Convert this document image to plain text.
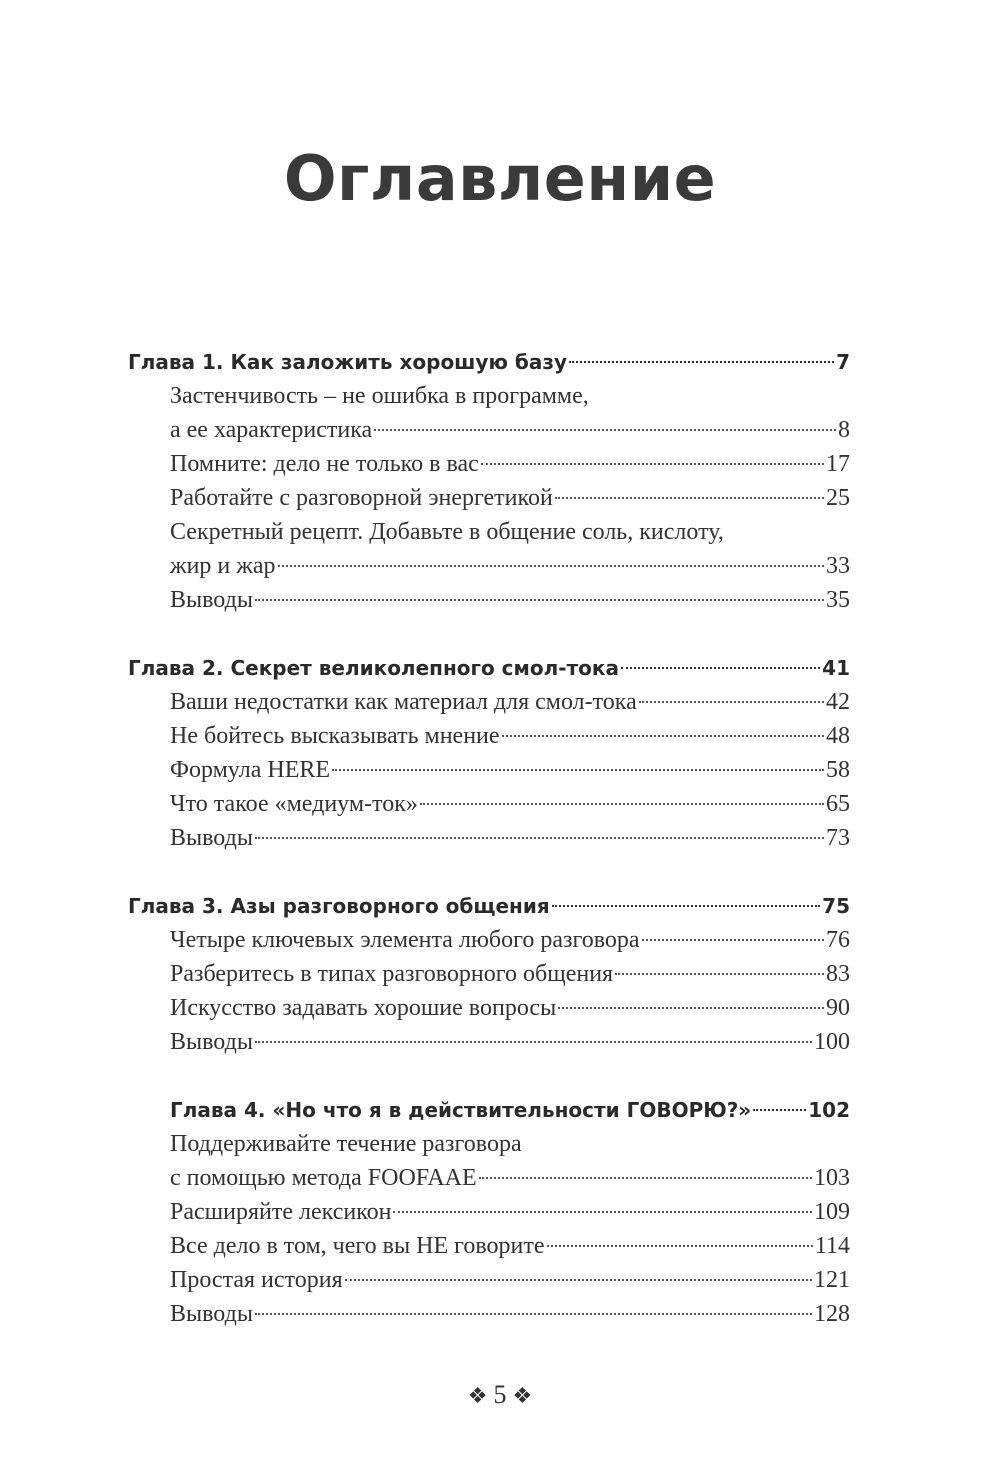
Оглавление
Глава 1. Как заложить хорошую базу	7
Застенчивость – не ошибка в программе,
а ее характеристика	8
Помните: дело не только в вас	17
Работайте с разговорной энергетикой	25
Секретный рецепт. Добавьте в общение соль, кислоту,
жир и жар	33
Выводы	35
Глава 2. Секрет великолепного смол-тока	41
Ваши недостатки как материал для смол-тока	42
Не бойтесь высказывать мнение	48
Формула HERE	58
Что такое «медиум-ток»	65
Выводы	73
Глава 3. Азы разговорного общения	75
Четыре ключевых элемента любого разговора	76
Разберитесь в типах разговорного общения	83
Искусство задавать хорошие вопросы	90
Выводы	100
Глава 4. «Но что я в действительности ГОВОРЮ?»	102
Поддерживайте течение разговора
с помощью метода FOOFAAE	103
Расширяйте лексикон	109
Все дело в том, чего вы НЕ говорите	114
Простая история	121
Выводы	128
❖ 5 ❖
